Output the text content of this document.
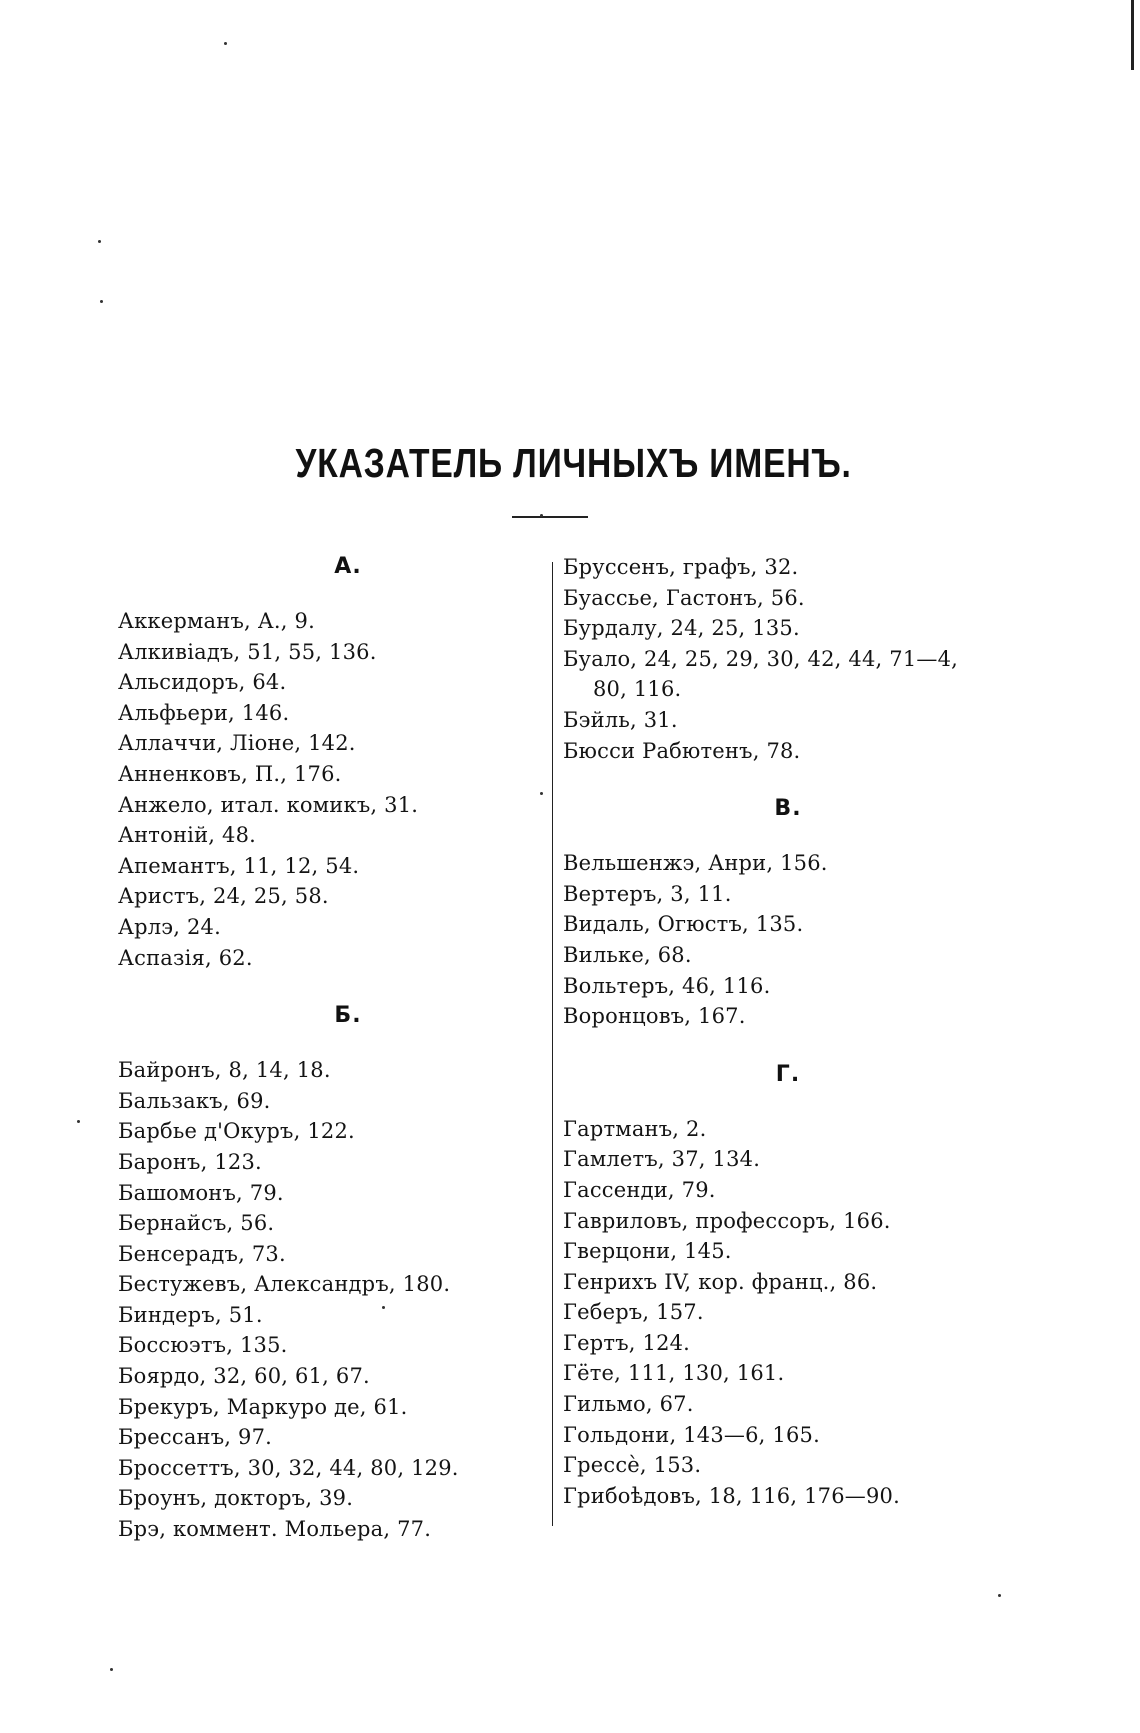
УКАЗАТЕЛЬ ЛИЧНЫХЪ ИМЕНЪ.
А.
Аккерманъ, А., 9.
Алкивіадъ, 51, 55, 136.
Альсидоръ, 64.
Альфьери, 146.
Аллаччи, Ліоне, 142.
Анненковъ, П., 176.
Анжело, итал. комикъ, 31.
Антоній, 48.
Апемантъ, 11, 12, 54.
Аристъ, 24, 25, 58.
Арлэ, 24.
Аспазія, 62.
Б.
Байронъ, 8, 14, 18.
Бальзакъ, 69.
Барбье д'Окуръ, 122.
Баронъ, 123.
Башомонъ, 79.
Бернайсъ, 56.
Бенсерадъ, 73.
Бестужевъ, Александръ, 180.
Биндеръ, 51.
Боссюэтъ, 135.
Боярдо, 32, 60, 61, 67.
Брекуръ, Маркуро де, 61.
Брессанъ, 97.
Броссеттъ, 30, 32, 44, 80, 129.
Броунъ, докторъ, 39.
Брэ, коммент. Мольера, 77.
Бруссенъ, графъ, 32.
Буассье, Гастонъ, 56.
Бурдалу, 24, 25, 135.
Буало, 24, 25, 29, 30, 42, 44, 71—4,
80, 116.
Бэйль, 31.
Бюсси Рабютенъ, 78.
В.
Вельшенжэ, Анри, 156.
Вертеръ, 3, 11.
Видаль, Огюстъ, 135.
Вильке, 68.
Вольтеръ, 46, 116.
Воронцовъ, 167.
Г.
Гартманъ, 2.
Гамлетъ, 37, 134.
Гассенди, 79.
Гавриловъ, профессоръ, 166.
Гверцони, 145.
Генрихъ IV, кор. франц., 86.
Геберъ, 157.
Гертъ, 124.
Гёте, 111, 130, 161.
Гильмо, 67.
Гольдони, 143—6, 165.
Грессè, 153.
Грибоѣдовъ, 18, 116, 176—90.
